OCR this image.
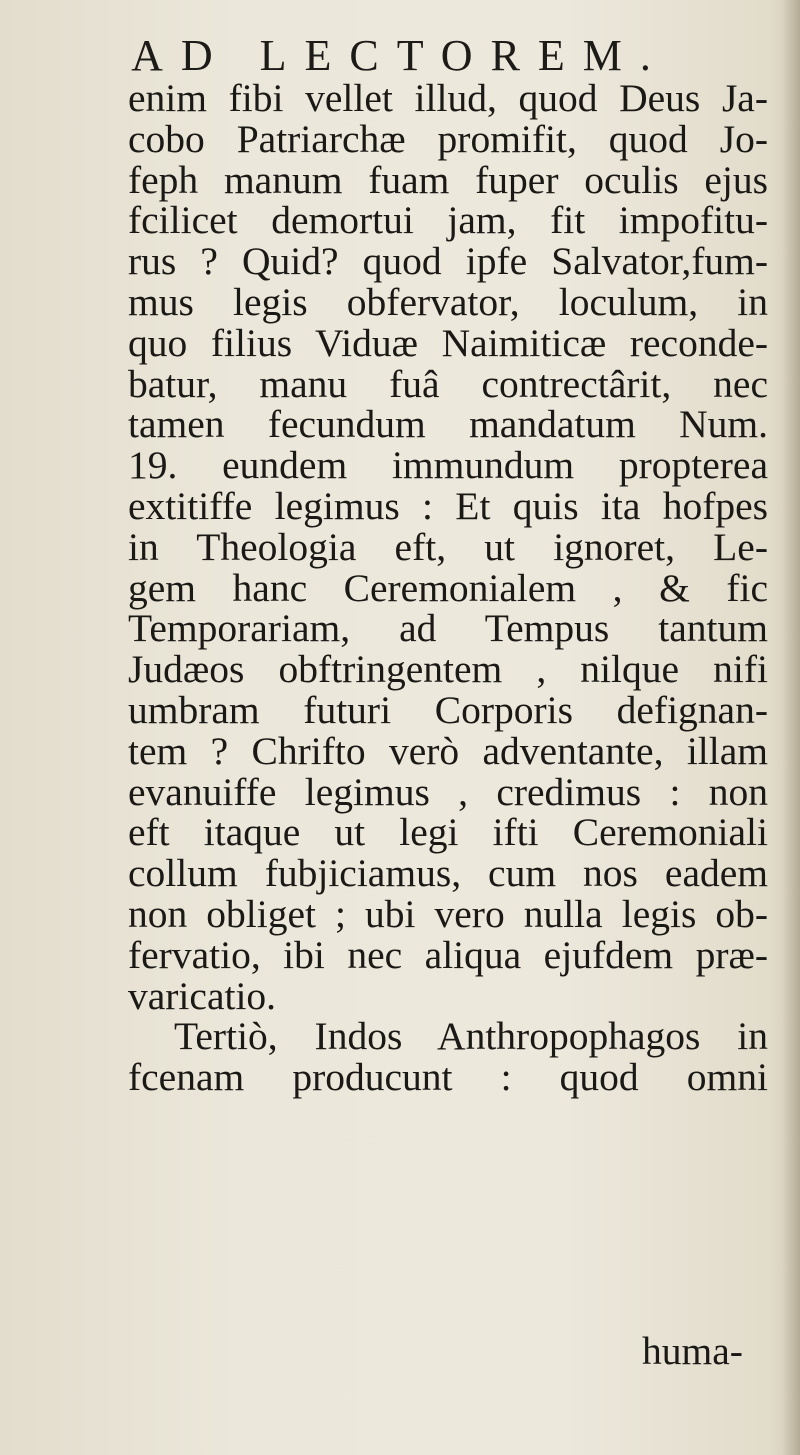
AD LECTOREM.
enim fibi vellet illud, quod Deus Ja-
cobo Patriarchæ promifit, quod Jo-
feph manum fuam fuper oculis ejus
fcilicet demortui jam, fit impofitu-
rus ? Quid? quod ipfe Salvator,fum-
mus legis obfervator, loculum, in
quo filius Viduæ Naimiticæ reconde-
batur, manu fuâ contrectârit, nec
tamen fecundum mandatum Num.
19. eundem immundum propterea
extitiffe legimus : Et quis ita hofpes
in Theologia eft, ut ignoret, Le-
gem hanc Ceremonialem , & fic
Temporariam, ad Tempus tantum
Judæos obftringentem , nilque nifi
umbram futuri Corporis defignan-
tem ? Chrifto verò adventante, illam
evanuiffe legimus , credimus : non
eft itaque ut legi ifti Ceremoniali
collum fubjiciamus, cum nos eadem
non obliget ; ubi vero nulla legis ob-
fervatio, ibi nec aliqua ejufdem præ-
varicatio.
Tertiò, Indos Anthropophagos in
fcenam producunt : quod omni
huma-
